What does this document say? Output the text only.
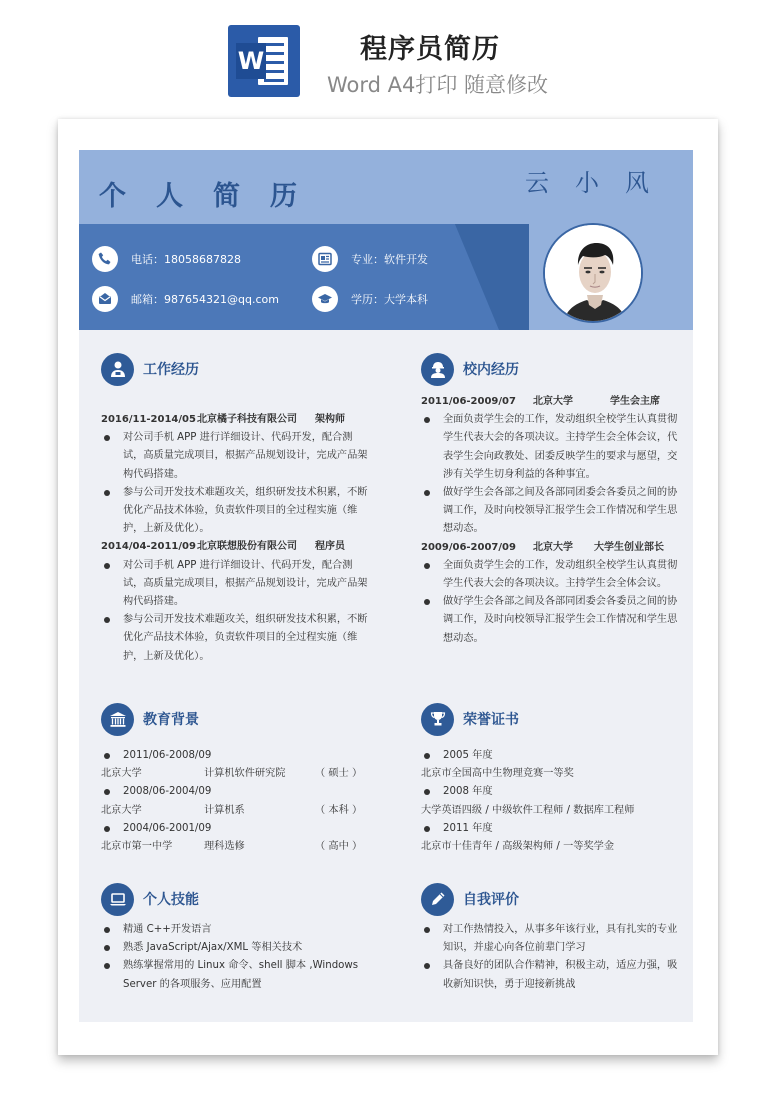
W	程序员简历
Word A4打印 随意修改
个人简历	云小风
电话：18058687828
邮箱：987654321@qq.com
专业：软件开发
学历：大学本科
工作经历
2016/11-2014/05北京橘子科技有限公司 架构师
对公司手机 APP 进行详细设计、代码开发，配合测试，高质量完成项目，根据产品规划设计，完成产品架构代码搭建。
参与公司开发技术难题攻关，组织研发技术积累，不断优化产品技术体验，负责软件项目的全过程实施（维护，上新及优化）。
2014/04-2011/09北京联想股份有限公司 程序员
对公司手机 APP 进行详细设计、代码开发，配合测试，高质量完成项目，根据产品规划设计，完成产品架构代码搭建。
参与公司开发技术难题攻关，组织研发技术积累，不断优化产品技术体验，负责软件项目的全过程实施（维护，上新及优化）。
校内经历
2011/06-2009/07 北京大学	学生会主席
全面负责学生会的工作，发动组织全校学生认真贯彻学生代表大会的各项决议。主持学生会全体会议，代表学生会向政教处、团委反映学生的要求与愿望，交涉有关学生切身利益的各种事宜。
做好学生会各部之间及各部同团委会各委员之间的协调工作，及时向校领导汇报学生会工作情况和学生思想动态。
2009/06-2007/09 北京大学 大学生创业部长
全面负责学生会的工作，发动组织全校学生认真贯彻学生代表大会的各项决议。主持学生会全体会议。
做好学生会各部之间及各部同团委会各委员之间的协调工作，及时向校领导汇报学生会工作情况和学生思想动态。
教育背景
2011/06-2008/09
北京大学	计算机软件研究院	（ 硕士 ）
2008/06-2004/09
北京大学	计算机系	（ 本科 ）
2004/06-2001/09
北京市第一中学	理科选修	（ 高中 ）
荣誉证书
2005 年度
北京市全国高中生物理竞赛一等奖
2008 年度
大学英语四级 / 中级软件工程师 / 数据库工程师
2011 年度
北京市十佳青年 / 高级架构师 / 一等奖学金
个人技能
精通 C++开发语言
熟悉 JavaScript/Ajax/XML 等相关技术
熟练掌握常用的 Linux 命令、shell 脚本 ,Windows Server 的各项服务、应用配置
自我评价
对工作热情投入，从事多年该行业，具有扎实的专业知识，并虚心向各位前辈门学习
具备良好的团队合作精神，积极主动，适应力强，吸收新知识快，勇于迎接新挑战
